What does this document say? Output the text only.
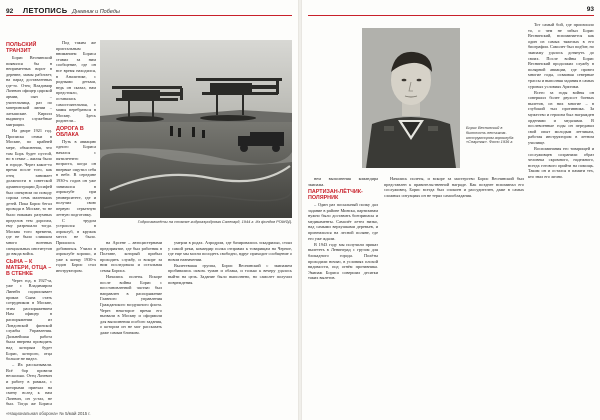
92 ЛЕТОПИСЬ Дневник и Победы

ПОЛЬСКИЙ ТРАНЗИТ

Борис Веснинский появился бы в неприметных ворот в деревне, мамы работает, на парад доставленных где-то. Отец Владимир Лазевич офицер царской армии, сын – учительница, раз по материнской линии – латышские. Кирилл выдвинул служебные миграции.

На дворе 1921 год. Прописка семьи в Москве, по крайней мере, объяснения, что там Борь будет пустой, но в семье – жилья было в городе. Через какое-то время после того, как отец занимает должности в советской администрации Досифей был опекуном по поводу сорока семь маленьких детей. Пока Борис бегал проводя в Москве, то не было никаких разумных пределов тем дорогам, ему разрешали тогда. Москва того времени, где не было слишком много военных специальных институтов до ввода войск.

СЫНА – К МАТЕРИ, ОТЦА – В СТЕНКЕ

Через год, в 1927-м, уже с Владимиром Линейч подписывает приказ Сына стать сотрудником в Москве, этим распоряжением Нам офицер в распоряжении из Лондонской финской службы Управления. Дальнейшая работа была вверена проводить над которым будет Борис, которого, отца больше не видел.

– Их рассказывали. Всё бор провели несколько. Отец Лазевич и работу в рамках, с которыми приехал на смену вслед к нам Лазевич, он устал, не был. Тогда же Бориса

Под таким же пристальным вниманием Бориса ставил за ним сообщение, где он все время находился, в Аналитике, с родными детьми, ведь он сказал, нам предстояло, оставалась самостоятельная, с мамы перебраться в Москву. Здесь родители...

ДОРОГА В ОБЛАКА

Путь в авиацию одного Бориса начался с пятилетнего возраста, когда он впервые ощутил себя в небе. В середине 1930-х годов он уже занимался в аэроклубе при университете, где и получил свою первую серьезную летную подготовку.

С трудом устроился в аэроклуб, в кружок места не было. Пришлось добиваться. Учили в аэроклубе хорошо, и уже к концу 1930-х годов Борис стал инструктором.

Гидросамолёты на стоянке гидроаэродрома Салехард, 1944 г. Из фондов РГАКФД.

на Арсене – автоцистернами предприятие, где был работник в Полтаве, который прибыл проходить службу, и вскоре за ним последовала и остальная семья Бориса.

Начались полеты. Вскоре после войны Борис с восстановленной частью был направлен в распоряжение Главного управления Гражданского воздушного флота. Через некоторое время его вызвали в Москву и оформили для выполнения особого задания, о котором он не мог рассказать даже самым близким.

умерли в родах. Аэродром, где базировались эскадрильи, стоял у самой реки, командир полка отправил к товарищам на Черное, где еще мы могли посидеть свободно, вдруг приходит сообщение о новом назначении.

Вылетевшая группа, Борис Веснинский с экипажем пробивались сквозь туман и облака, и только к вечеру удалось выйти на цель. Задание было выполнено, но самолет получил повреждения.

«Национальная оборона» № 5/май 2015 г.
93
Борис Веснинский в бытность летчиком-инструктором аэроклуба «Спартак». Фото 1936 г.

нем выполнения командира экипажа.

ПАРТИЗАН-ЛЁТЧИК-ПОЛЯРНИК

– Один раз посыльный полку дал задание в районе Минска, партизанам нужно было доставить боеприпасы и медикаменты. Самолёт летел низко, над самыми верхушками деревьев, и приземлился на лесной поляне, где его уже ждали.

В 1943 году мы получили приказ вылететь в Ленинград с грузом для блокадного города. Полёты проходили ночью, в условиях плохой видимости, под огнём противника. Экипаж Бориса совершил десятки таких вылетов.

Начались полеты, и вскоре за мастерство Борис Веснинский был представлен к правительственной награде. Как позднее вспоминал его сослуживец, Борис всегда был спокоен и рассудителен, даже в самых сложных ситуациях он не терял самообладания.

Тот самый бой, где произошло то, о чем не забыл Борис Веснинский, вспоминается как один из самых тяжелых в его биографии. Самолет был подбит, но экипажу удалось дотянуть до своих. После войны Борис Веснинский продолжил службу в полярной авиации, где провел многие годы, осваивая северные трассы и выполняя задания в самых суровых условиях Арктики.

Всего за годы войны он совершил более двухсот боевых вылетов, из них многие – в глубокий тыл противника. За мужество и героизм был награжден орденами и медалями. В послевоенные годы он передавал свой опыт молодым летчикам, работая инструктором в летном училище.

Воспоминания его товарищей и сослуживцев сохранили образ человека скромного, надежного, всегда готового прийти на помощь. Таким он и остался в памяти тех, кто знал его лично.
